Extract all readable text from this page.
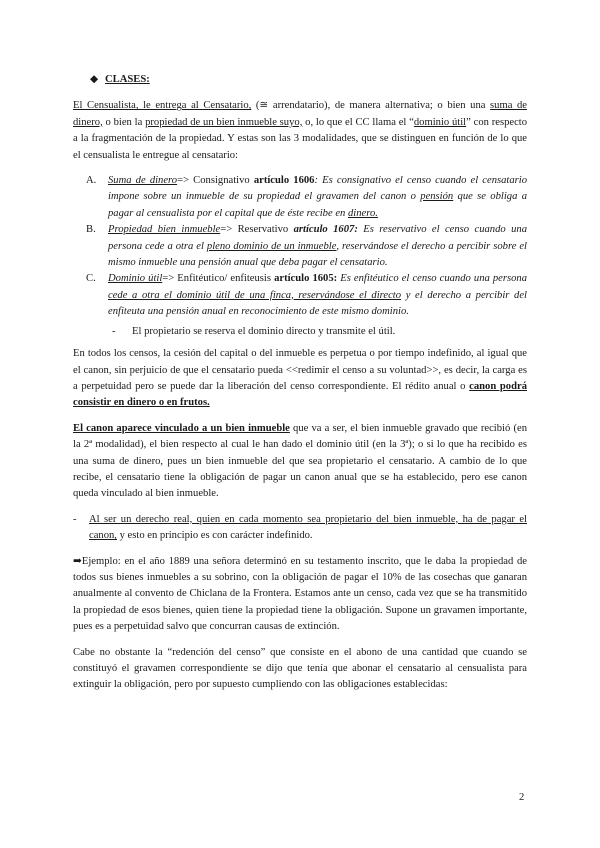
◆ CLASES:

El Censualista, le entrega al Censatario, (≅ arrendatario), de manera alternativa; o bien una suma de dinero, o bien la propiedad de un bien inmueble suyo, o, lo que el CC llama el “dominio útil” con respecto a la fragmentación de la propiedad. Y estas son las 3 modalidades, que se distinguen en función de lo que el censualista le entregue al censatario:

A. Suma de dinero=> Consignativo artículo 1606: Es consignativo el censo cuando el censatario impone sobre un inmueble de su propiedad el gravamen del canon o pensión que se obliga a pagar al censualista por el capital que de éste recibe en dinero.
B. Propiedad bien inmueble=> Reservativo artículo 1607: Es reservativo el censo cuando una persona cede a otra el pleno dominio de un inmueble, reservándose el derecho a percibir sobre el mismo inmueble una pensión anual que deba pagar el censatario.
C. Dominio útil=> Enfitéutico/ enfiteusis artículo 1605: Es enfitéutico el censo cuando una persona cede a otra el dominio útil de una finca, reservándose el directo y el derecho a percibir del enfiteuta una pensión anual en reconocimiento de este mismo dominio.
- El propietario se reserva el dominio directo y transmite el útil.

En todos los censos, la cesión del capital o del inmueble es perpetua o por tiempo indefinido, al igual que el canon, sin perjuicio de que el censatario pueda <<redimir el censo a su voluntad>>, es decir, la carga es a perpetuidad pero se puede dar la liberación del censo correspondiente. El rédito anual o canon podrá consistir en dinero o en frutos.

El canon aparece vinculado a un bien inmueble que va a ser, el bien inmueble gravado que recibió (en la 2ª modalidad), el bien respecto al cual le han dado el dominio útil (en la 3ª); o si lo que ha recibido es una suma de dinero, pues un bien inmueble del que sea propietario el censatario. A cambio de lo que recibe, el censatario tiene la obligación de pagar un canon anual que se ha establecido, pero ese canon queda vinculado al bien inmueble.

- Al ser un derecho real, quien en cada momento sea propietario del bien inmueble, ha de pagar el canon, y esto en principio es con carácter indefinido.

➡Ejemplo: en el año 1889 una señora determinó en su testamento inscrito, que le daba la propiedad de todos sus bienes inmuebles a su sobrino, con la obligación de pagar el 10% de las cosechas que ganaran anualmente al convento de Chiclana de la Frontera. Estamos ante un censo, cada vez que se ha transmitido la propiedad de esos bienes, quien tiene la propiedad tiene la obligación. Supone un gravamen importante, pues es a perpetuidad salvo que concurran causas de extinción.

Cabe no obstante la “redención del censo” que consiste en el abono de una cantidad que cuando se constituyó el gravamen correspondiente se dijo que tenía que abonar el censatario al censualista para extinguir la obligación, pero por supuesto cumpliendo con las obligaciones establecidas:

2
